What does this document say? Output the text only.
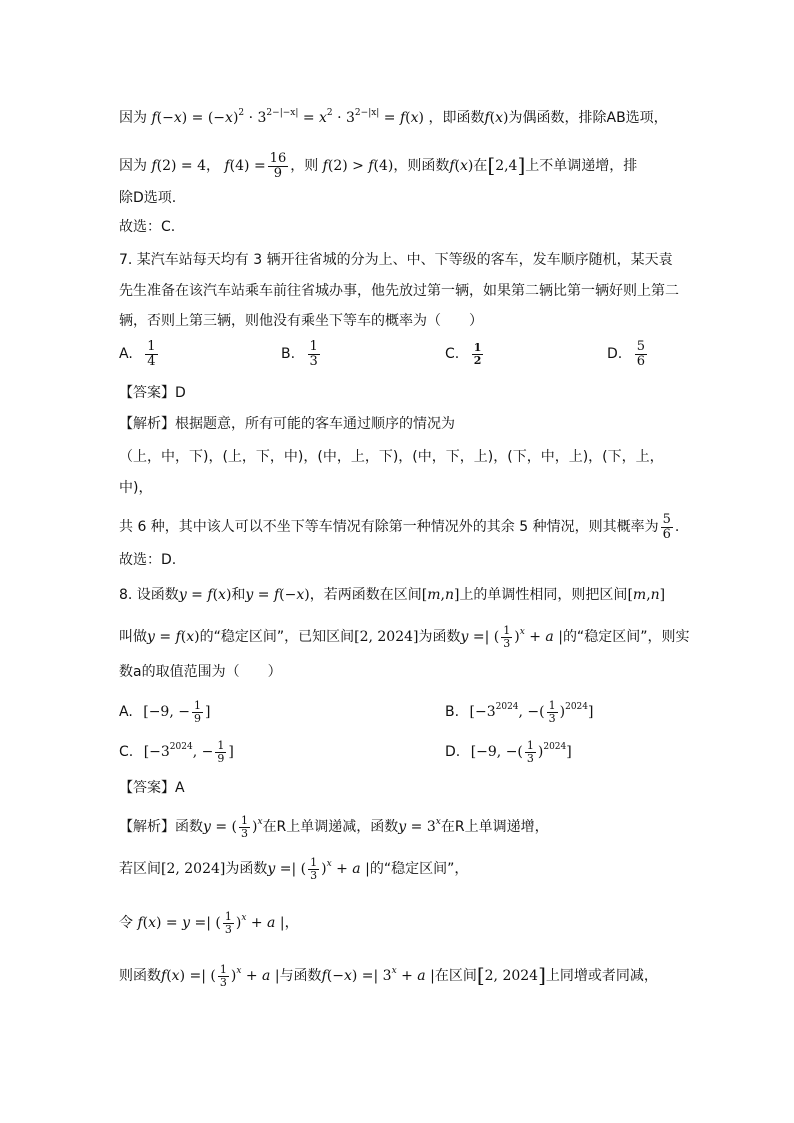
因为 $f(-x) = (-x)^2 \cdot 3^{2-|-x|} = x^2 \cdot 3^{2-|x|} = f(x)$ ，即函数f(x)为偶函数，排除AB选项，
因为 f(2) = 4， $f(4) = \frac{16}{9}$ ，则 f(2) > f(4)，则函数f(x)在[2,4]上不单调递增，排
除D选项.
故选：C.
7. 某汽车站每天均有 3 辆开往省城的分为上、中、下等级的客车，发车顺序随机，某天袁
先生准备在该汽车站乘车前往省城办事，他先放过第一辆，如果第二辆比第一辆好则上第二
辆，否则上第三辆，则他没有乘坐下等车的概率为（　　）
A. $\frac{1}{4}$	B. $\frac{1}{3}$	C. $\frac{1}{2}$	D. $\frac{5}{6}$
【答案】D
【解析】根据题意，所有可能的客车通过顺序的情况为
（上，中，下)，(上，下，中)，(中，上，下)，(中，下，上)，(下，中，上)，(下，上，
中)，
共 6 种，其中该人可以不坐下等车情况有除第一种情况外的其余 5 种情况，则其概率为 $\frac{5}{6}$ .
故选：D.
8. 设函数y = f(x)和y = f(−x)，若两函数在区间[m,n]上的单调性相同，则把区间[m,n]
叫做y = f(x)的“稳定区间”，已知区间[2, 2024]为函数y =| ( $\frac{1}{3} )^x + a$ |的“稳定区间”，则实
数a的取值范围为（　　）
A. [−9, − $\frac{1}{9}$ ]	B. [$-3^{2024}$, −( $\frac{1}{3} )^{2024}$]
C. [$-3^{2024}$, − $\frac{1}{9}$ ]	D. [−9, −( $\frac{1}{3} )^{2024}$]
【答案】A
【解析】函数y = ( $\frac{1}{3} )^x$在R上单调递减，函数$y = 3^x$在R上单调递增，
若区间[2, 2024]为函数y =| ( $\frac{1}{3} )^x + a$ |的“稳定区间”，
令 f(x) = y =| ( $\frac{1}{3} )^x + a$ |，
则函数f(x) =| ( $\frac{1}{3} )^x + a$ |与函数f(−x) =| $3^x + a$ |在区间[2, 2024]上同增或者同减，
